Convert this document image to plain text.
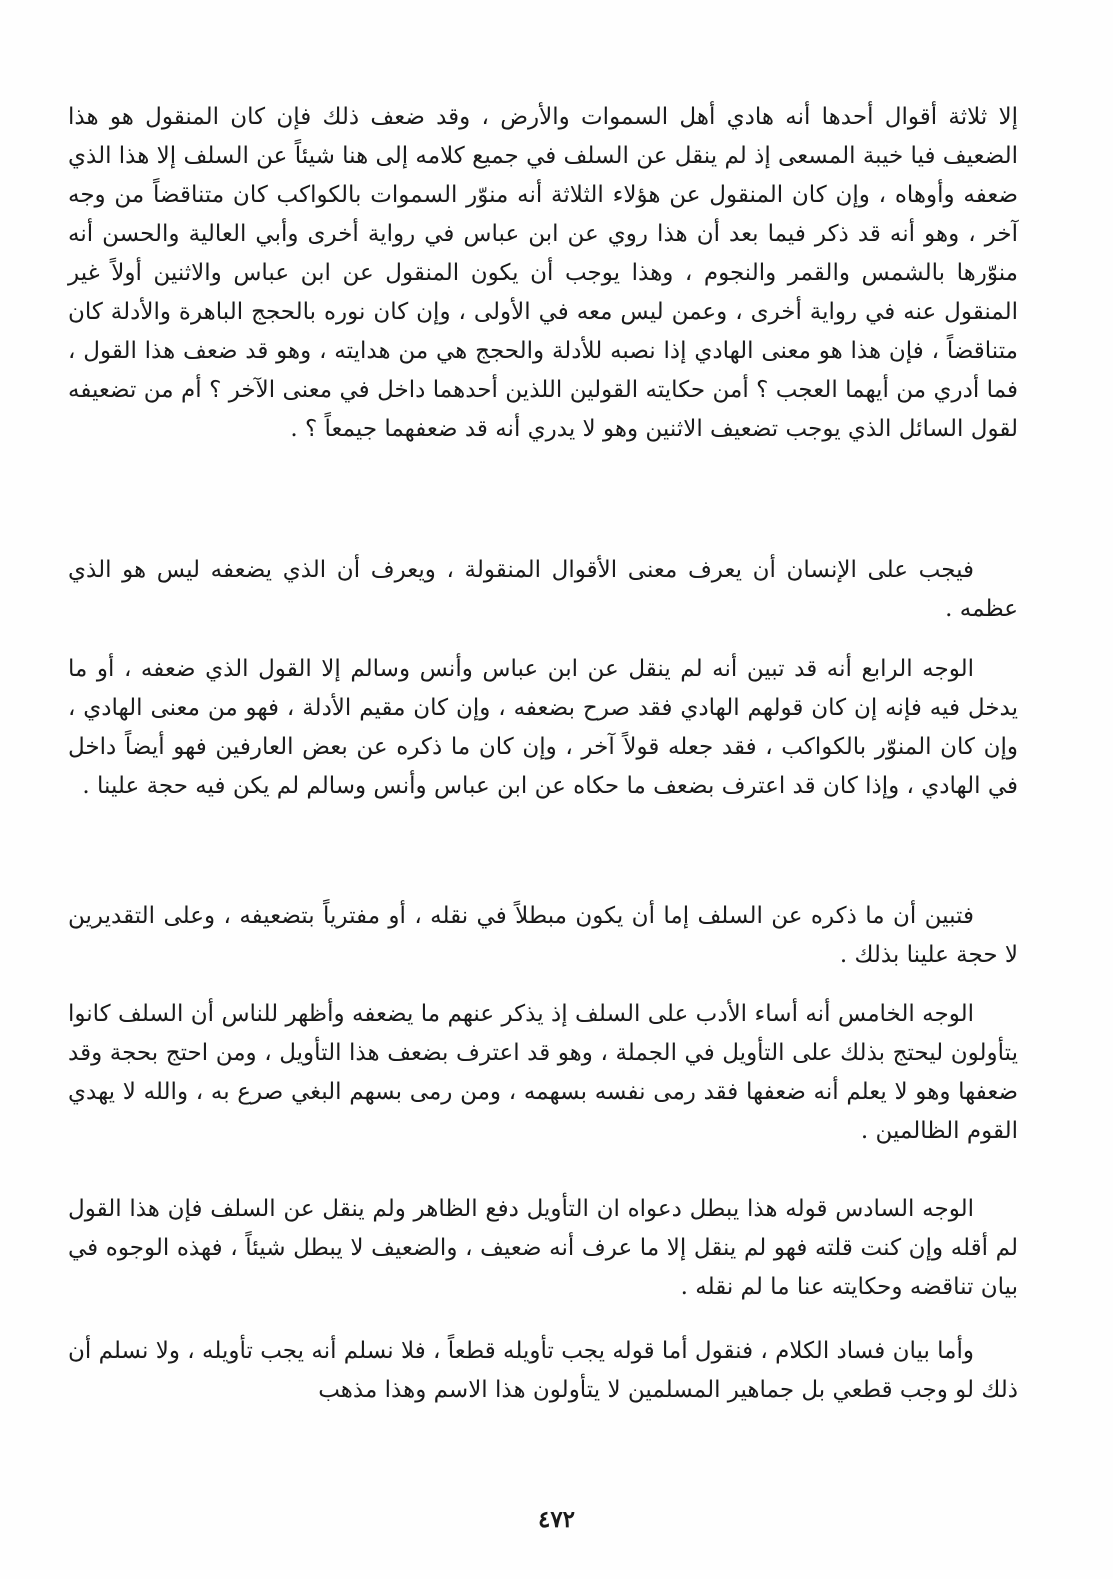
إلا ثلاثة أقوال أحدها أنه هادي أهل السموات والأرض ، وقد ضعف ذلك فإن كان المنقول هو هذا الضعيف فيا خيبة المسعى إذ لم ينقل عن السلف في جميع كلامه إلى هنا شيئاً عن السلف إلا هذا الذي ضعفه وأوهاه ، وإن كان المنقول عن هؤلاء الثلاثة أنه منوّر السموات بالكواكب كان متناقضاً من وجه آخر ، وهو أنه قد ذكر فيما بعد أن هذا روي عن ابن عباس في رواية أخرى وأبي العالية والحسن أنه منوّرها بالشمس والقمر والنجوم ، وهذا يوجب أن يكون المنقول عن ابن عباس والاثنين أولاً غير المنقول عنه في رواية أخرى ، وعمن ليس معه في الأولى ، وإن كان نوره بالحجج الباهرة والأدلة كان متناقضاً ، فإن هذا هو معنى الهادي إذا نصبه للأدلة والحجج هي من هدايته ، وهو قد ضعف هذا القول ، فما أدري من أيهما العجب ؟ أمن حكايته القولين اللذين أحدهما داخل في معنى الآخر ؟ أم من تضعيفه لقول السائل الذي يوجب تضعيف الاثنين وهو لا يدري أنه قد ضعفهما جيمعاً ؟ .

فيجب على الإنسان أن يعرف معنى الأقوال المنقولة ، ويعرف أن الذي يضعفه ليس هو الذي عظمه .

الوجه الرابع أنه قد تبين أنه لم ينقل عن ابن عباس وأنس وسالم إلا القول الذي ضعفه ، أو ما يدخل فيه فإنه إن كان قولهم الهادي فقد صرح بضعفه ، وإن كان مقيم الأدلة ، فهو من معنى الهادي ، وإن كان المنوّر بالكواكب ، فقد جعله قولاً آخر ، وإن كان ما ذكره عن بعض العارفين فهو أيضاً داخل في الهادي ، وإذا كان قد اعترف بضعف ما حكاه عن ابن عباس وأنس وسالم لم يكن فيه حجة علينا .

فتبين أن ما ذكره عن السلف إما أن يكون مبطلاً في نقله ، أو مفترياً بتضعيفه ، وعلى التقديرين لا حجة علينا بذلك .

الوجه الخامس أنه أساء الأدب على السلف إذ يذكر عنهم ما يضعفه وأظهر للناس أن السلف كانوا يتأولون ليحتج بذلك على التأويل في الجملة ، وهو قد اعترف بضعف هذا التأويل ، ومن احتج بحجة وقد ضعفها وهو لا يعلم أنه ضعفها فقد رمى نفسه بسهمه ، ومن رمى بسهم البغي صرع به ، والله لا يهدي القوم الظالمين .

الوجه السادس قوله هذا يبطل دعواه ان التأويل دفع الظاهر ولم ينقل عن السلف فإن هذا القول لم أقله وإن كنت قلته فهو لم ينقل إلا ما عرف أنه ضعيف ، والضعيف لا يبطل شيئاً ، فهذه الوجوه في بيان تناقضه وحكايته عنا ما لم نقله .

وأما بيان فساد الكلام ، فنقول أما قوله يجب تأويله قطعاً ، فلا نسلم أنه يجب تأويله ، ولا نسلم أن ذلك لو وجب قطعي بل جماهير المسلمين لا يتأولون هذا الاسم وهذا مذهب

٤٧٢
